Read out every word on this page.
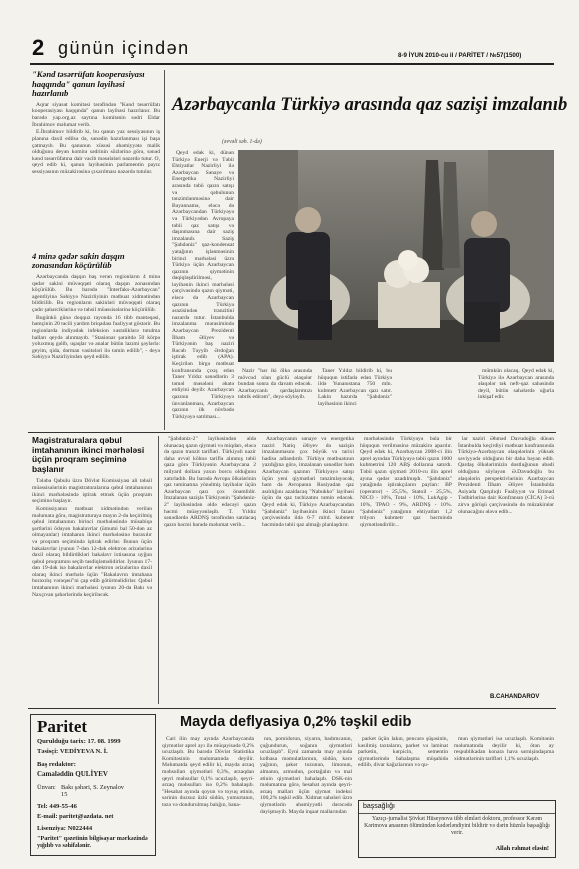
2 günün içindən	8-9 İYUN 2010-cu il / PARİTET / №57(1500)
"Kənd təsərrüfatı kooperasiyası haqqında" qanun layihəsi hazırlanıb

Aqrar siyasət komitəsi tərəfindən "Kənd təsərrüfatı kooperasiyası haqqında" qanun layihəsi hazırlanır. Bu barədə yap.org.az saytına komitənin sədri Eldar İbrahimov məlumat verib.

E.İbrahimov bildirib ki, bu qanun yaz sessiyasının iş planına daxil edilsə də, sənədin hazırlanması işi başa çatmayıb. Bu qanunun xüsusi əhəmiyyətə malik olduğunu deyən komitə sədrinin sözlərinə görə, sənəd kənd təsərrüfatına dair vacib məsələləri nəzərdə tutur. O, qeyd edib ki, qanun layihəsinin parlamentin payız sessiyasının müzakirəsinə çıxarılması nəzərdə tutulur.

4 minə qədər sakin daşqın zonasından köçürülüb

Azərbaycanda daşqın baş verən regionların 4 minə qədər sakini müvəqqəti olaraq daşqın zonasından köçürülüb. Bu barədə "İnterfaks-Azərbaycan" agentliyinə Səhiyyə Nazirliyinin mətbuat xidmətindən bildirilib. Bu regionların sakinləri müvəqqəti olaraq çadır şəhərciklərinə və təhsil müəssisələrinə köçürülüb.

Bugünkü günə doqquz rayonda 16 tibb məntəqəsi, həmçinin 20 təcili yardım briqadası fəaliyyət göstərir. Bu regionlarda indiyədək infeksion xəstəliklərə tutulma halları qeydə alınmayıb. "Stasionar şəraitdə 50 körpə yoluxmuş gəlib, uşaqlar və analar bütün lazımi şəylərlə: geyim, qida, dərman vasitələri ilə təmin edilib", - deyə Səhiyyə Nazirliyindən qeyd edilib.

Azərbaycanla Türkiyə arasında qaz sazişi imzalanıb
(əvvəli səh. 1-də)

Qeyd edək ki, dünən Türkiyə Enerji və Təbii Ehtiyatlar Nazirliyi ilə Azərbaycan Sənaye və Energetika Nazirliyi arasında təbii qazın satışı və qəbulunun tənzimlənməsinə dair Bəyannamə, eləcə də Azərbaycandan Türkiyəyə və Türkiyədən Avropaya təbii qaz satışı və daşınmasına dair saziş imzalanıb. Saziş "Şahdəniz" qaz-kondensat yatağının işlənməsinin birinci mərhələsi üzrə Türkiyə üçün Azərbaycan qazının qiymətinin dəqiqləşdirilməsi, layihənin ikinci mərhələsi çərçivəsində qazın qiyməti, eləcə də Azərbaycan qazının Türkiyə ərazisindən tranzitini nəzərdə tutur. İstanbulda imzalanma mərasimində Azərbaycan Prezidenti İlham Əliyev və Türkiyənin baş naziri Rəcəb Təyyib Ərdoğan iştirak edib (APA). Keçirilən birgə mətbuat konfransında çıxış edən Taner Yıldız sənədlərin 3 təməl məsələni əhatə etdiyini deyib: Azərbaycan qazının Türkiyəyə ünvanlanması, Azərbaycan qazının ilk növbədə Türkiyəyə satılması...

Nazir "hər iki ölkə arasında mövcud olan güclü əlaqələr bundan sonra da davam edəcək. Azərbaycanlı qardaşlarımızı təbrik edirəm", deyə söyləyib.
Taner Yıldız bildirib ki, bu hüququn istifadə edən Türkiyə ildə Yunanıstana 750 mln. kubmetr Azərbaycan qazı satır. Lakin hazırda "Şahdəniz" layihəsinin ikinci
mümkün olacaq. Qeyd edək ki, Türkiyə ilə Azərbaycan arasında əlaqələr tək neft-qaz sahəsində deyil, bütün sahələrdə uğurla inkişaf edir.
Magistraturalara qəbul imtahanının ikinci mərhələsi üçün proqram seçiminə başlanır

Tələbə Qəbulu üzrə Dövlət Komissiyası ali təhsil müəssisələrinin magistraturalarına qəbul imtahanının ikinci mərhələsində iştirak etmək üçün proqram seçiminə başlayır.

Komissiyanın mətbuat xidmətindən verilən məlumata görə, magistraturaya mayın 2-də keçirilmiş qəbul imtahanının birinci mərhələsində müsabiqə şərtlərini ödəyən bakalavrlar (ümumi bal 50-dən az olmayanlar) imtahanın ikinci mərhələsinə buraxılır və proqram seçimində iştirak edirlər. Bunun üçün bakalavrlar iyunun 7-dən 12-dək elektron ərizələrinə daxil olaraq bildirdikləri bakalavr ixtisasına uyğun qəbul proqramını seçib təsdiqləməlidirlər. Iyunun 17-dən 19-dək isə bakalavrlar elektron ərizələrinə daxil olaraq ikinci mərhələ üçün "Bakalavrın imtahana buraxılış vərəqəsi"ni çap edib götürməlidirlər. Qəbul imtahanının ikinci mərhələsi iyunun 20-də Bakı və Naxçıvan şəhərlərində keçiriləcək.

"Şahdəniz-2" layihəsindən əldə olunacaq qazın qiyməti və miqdarı, eləcə də qazın tranzit tarifləri. Türkiyəli nazir daha əvvəl köhnə tariflə alınmış təbii qaza görə Türkiyənin Azərbaycana 2 milyard dollara yaxın borcu olduğunu xatırladıb. Bu barədə Avropa ölkələrinin qaz təminatına yönəlmiş layihələr üçün Azərbaycan qazı çox önəmlidir. İmzalanan sazişlə Türkiyənin "Şahdəniz-2" layihəsindən əldə edəcəyi qazın həcmi müəyyənləşib. T. Yıldız sənədlərdə ARDNŞ tərəfindən satılacaq qazın həcmi barədə məlumat verib...
Azərbaycanın sənaye və energetika naziri Natiq Əliyev də sazişin imzalanmasını çox böyük və tarixi hadisə adlandırıb. Türkiyə mətbuatının yazdığına görə, imzalanan sənədlər həm Azərbaycan qazının Türkiyəyə satışı üçün yeni qiymətləri tənzimləyəcək, həm də Avropanın Rusiyadan qaz asılılığını azaldacaq "Nabukko" layihəsi üçün də qaz təchizatını təmin edəcək. Qeyd edək ki, Türkiyə Azərbaycandan "Şahdəniz" layihəsinin ikinci fazası çərçivəsində ildə 6-7 mlrd. kubmetr həcmində təbii qaz almağı planlaşdırır.
mərhələsində Türkiyəyə bəla bir hüququn verilməsinə müzakirə aparılır. Qeyd edək ki, Azərbaycan 2008-ci ilin aprel ayından Türkiyəyə təbii qazın 1000 kubmetrini 120 ABŞ dollarına satırdı. Təbii qazın qiyməti 2010-cu ilin aprel ayına qədər uzadılmışdı. "Şahdəniz" yatağında iştirakçıların payları: BP (operator) - 25,5%, Statoil - 25,5%, NICO - 10%, Total - 10%, LukAgip - 10%, TPAO - 9%, ARDNŞ - 10%. "Şahdəniz" yatağının ehtiyatları 1,2 trilyon kubmetr qaz həcmində qiymətləndirilir...
lar naziri Əhməd Davudoğlu dünən İstanbulda keçirdiyi mətbuat konfransında Türkiyə-Azərbaycan əlaqələrinin yüksək səviyyədə olduğunu bir daha bəyan edib. Qardaş ölkələrimizin dostluğunun əbədi olduğunu söyləyən Ə.Davudoğlu bu əlaqələrin perspektivlərinin Azərbaycan Prezidenti İlham Əliyev İstanbulda Asiyada Qarşılıqlı Fəaliyyət və Etimad Tədbirlərinə dair Konfransın (CİCA) 3-cü zirvə görüşü çərçivəsində də müzakirələr olunacağını ələvə edib...
B.CAHANDAROV
Paritet
Qurulduğu tarix: 17. 08. 1999
Təsisçi: VEDİYEVA N. İ.
Baş redaktor:
Camaləddin QULİYEV
Ünvan: Bakı şəhəri, S. Zeynalov 15
Tel: 449-55-46
E-mail: paritet@azdata. net
Lisenziya: N022444
"Paritet" qəzetinin bilgisayar mərkəzində yığılıb və səhifələnir.
Mayda deflyasiya 0,2% təşkil edib
Cari ilin may ayında Azərbaycanda qiymətlər aprel ayı ilə müqayisədə 0,2% ucuzlaşıb. Bu barədə Dövlət Statistika Komitəsinin məlumatında deyilir. Məlumatda qeyd edilir ki, mayda ərzaq məhsulları qiymətləri 0,3%, ərzaqdan qeyri məhsullar 0,1% ucuzlaşıb, qeyri-ərzaq məhsulları isə 0,2% bahalaşıb. "Hesabat ayında qoyun və toyuq ətinin, sərinin duzsuz üzlü südün, yumurtanın, təzə və dondurulmuş balığın, bana-
nın, pomidorun, xiyarın, badımcanın, çuğundurun, soğanın qiymətləri ucuzlaşıb". Eyni zamanda may ayında kolbasa məmulatlarının, südün, kərə yağının, şəkər tozunun, limonun, almanın, armudun, portağalın və mal ətinin qiymətləri bahalaşıb. DSK-nin məlumatına görə, hesabat ayında qeyri-ərzaq malları üçün qiymət indeksi 100,2% təşkil edib. Xidmət sahələri üzrə qiymətlərin əhəmiyyətli dərəcədə dəyişməyib. Mayda inşaat mallarından
parket üçün lakın, pencərə şüşəsinin, kəsilmiş taxtaların, parket və laminat parketin, kərpicin, sementin qiymətlərində bahalaşma müşahidə edilib, divar kağızlarının və qu-
mun qiymətləri isə ucuzlaşıb. Komitənin məlumatında deyilir ki, ötən ay respublikadan konara hava sərnişindaşıma xidmətlərinin tarifləri 1,1% ucuzlaşıb.
başsağlığı
Yazıçı-jurnalist Şövkət Hüseynova tibb elmləri doktoru, professor Kərəm Kərimova anasının ölümündən kədərləndiyini bildirir və dərin hüznlə başsağlığı verir.
Allah rəhmət eləsin!
